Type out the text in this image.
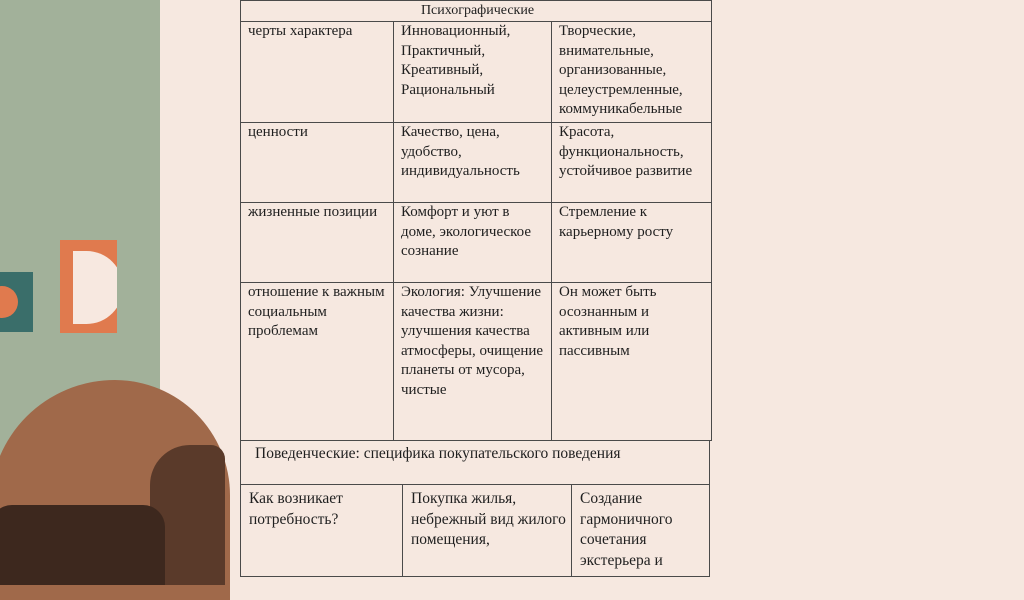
Психографические		
черты характера	Инновационный, Практичный, Креативный, Рациональный	Творческие, внимательные, организованные, целеустремленные, коммуникабельные
ценности	Качество, цена, удобство, индивидуальность	Красота, функциональность, устойчивое развитие
жизненные позиции	Комфорт и уют в доме, экологическое сознание	Стремление к карьерному росту
отношение к важным социальным проблемам	Экология: Улучшение качества жизни: улучшения качества атмосферы, очищение планеты от мусора, чистые	Он может быть осознанным и активным или пассивным
Поведенческие: специфика покупательского поведения
Как возникает потребность?	Покупка жилья, небрежный вид жилого помещения,	Создание гармоничного сочетания экстерьера и
